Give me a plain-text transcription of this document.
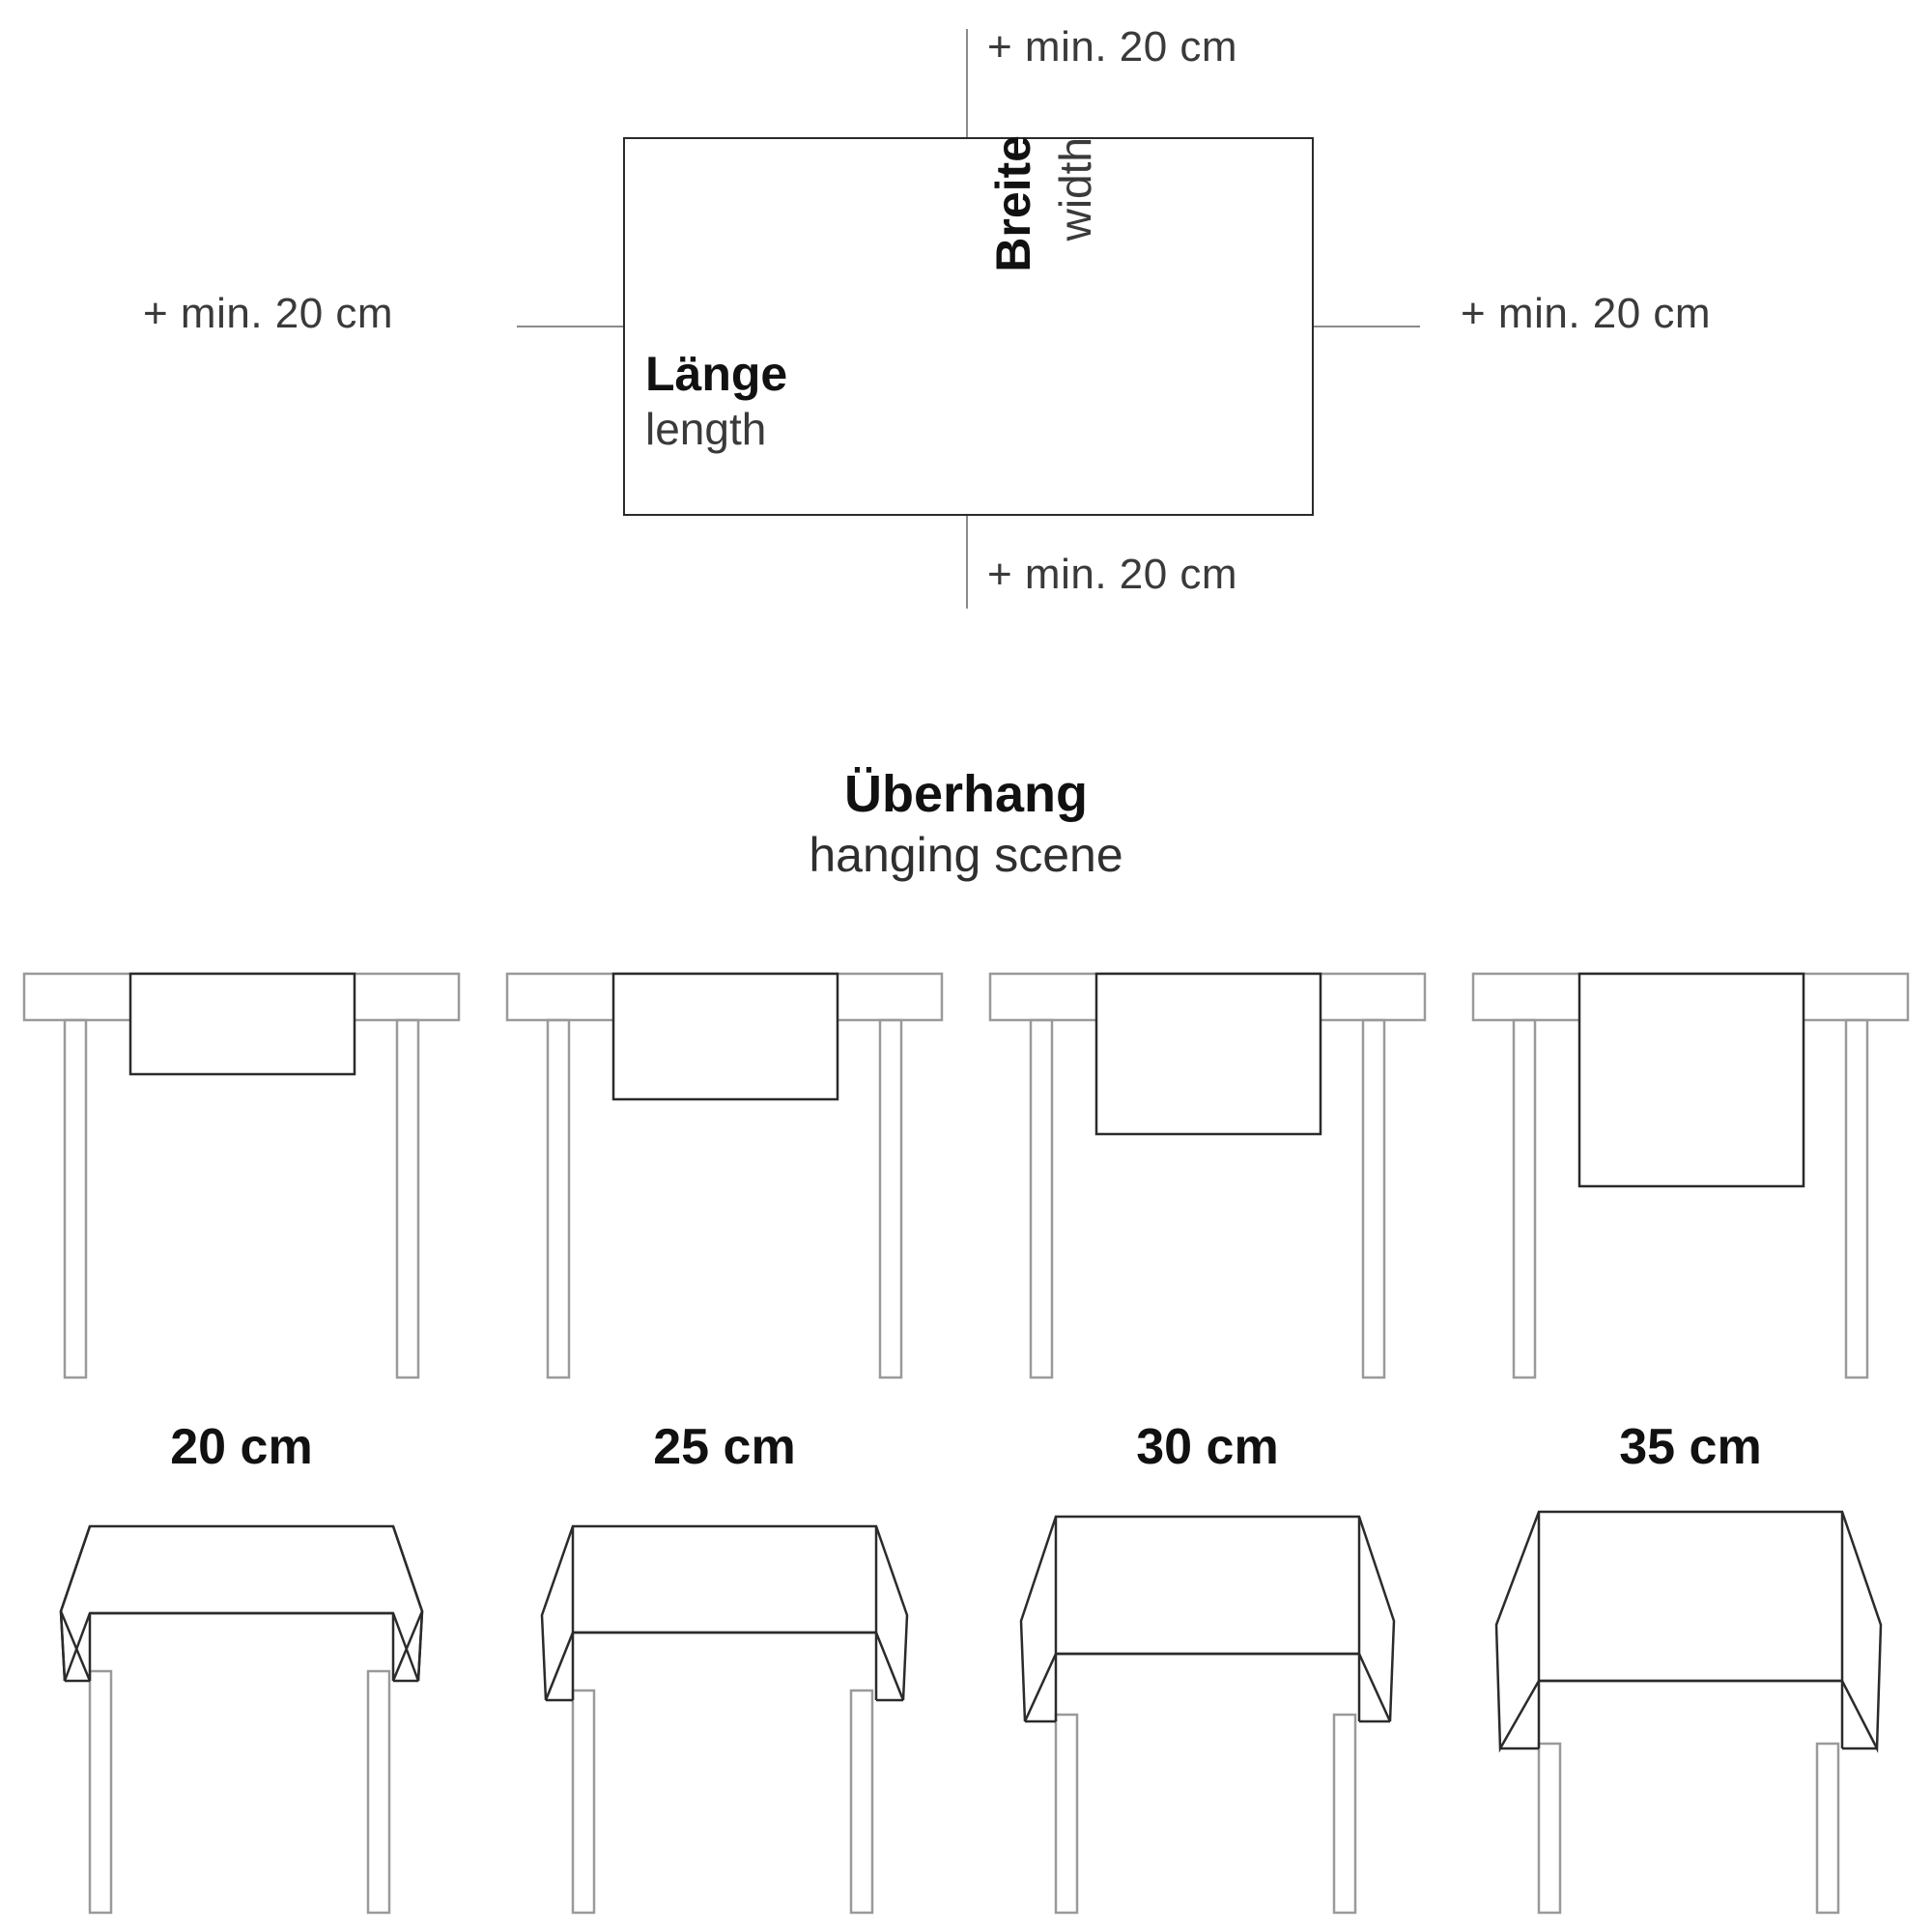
+ min. 20 cm
+ min. 20 cm
+ min. 20 cm
+ min. 20 cm
Breite width
Länge
length
Überhang
hanging scene
20 cm	25 cm	30 cm	35 cm
